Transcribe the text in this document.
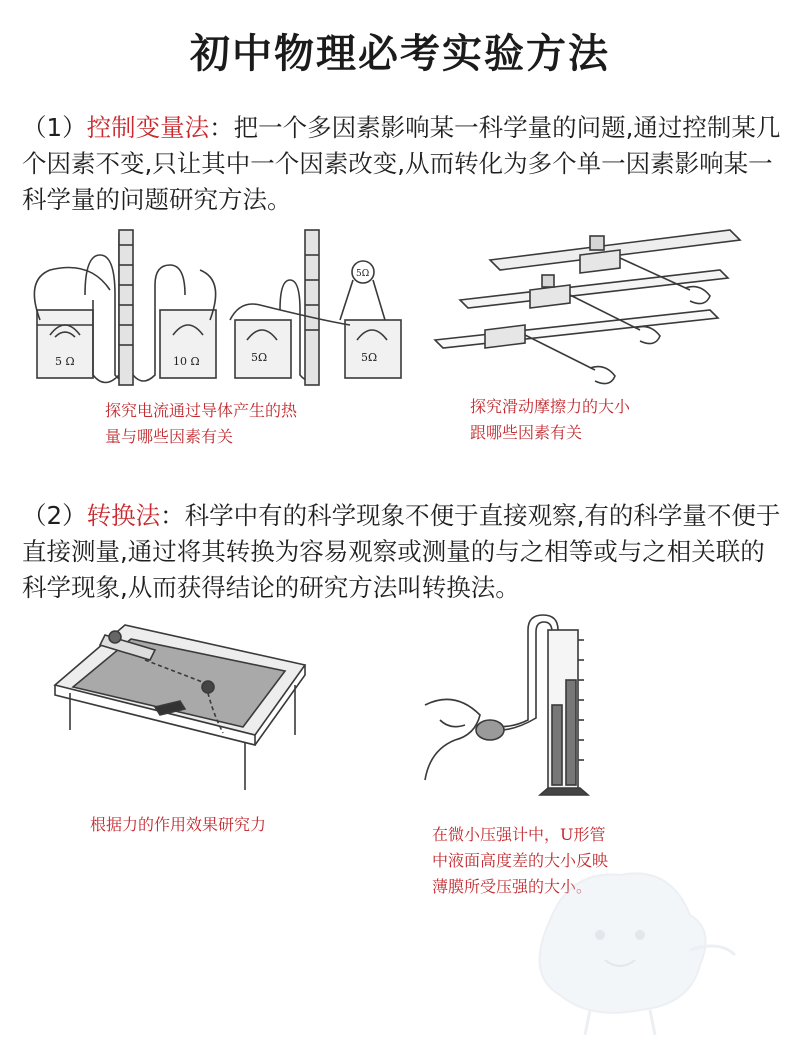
初中物理必考实验方法
（1）控制变量法：把一个多因素影响某一科学量的问题,通过控制某几个因素不变,只让其中一个因素改变,从而转化为多个单一因素影响某一科学量的问题研究方法。
5 Ω	10 Ω
5Ω
5Ω	5Ω
探究电流通过导体产生的热
量与哪些因素有关
探究滑动摩擦力的大小
跟哪些因素有关
（2）转换法：科学中有的科学现象不便于直接观察,有的科学量不便于直接测量,通过将其转换为容易观察或测量的与之相等或与之相关联的科学现象,从而获得结论的研究方法叫转换法。
根据力的作用效果研究力
在微小压强计中，U形管
中液面高度差的大小反映
薄膜所受压强的大小。
